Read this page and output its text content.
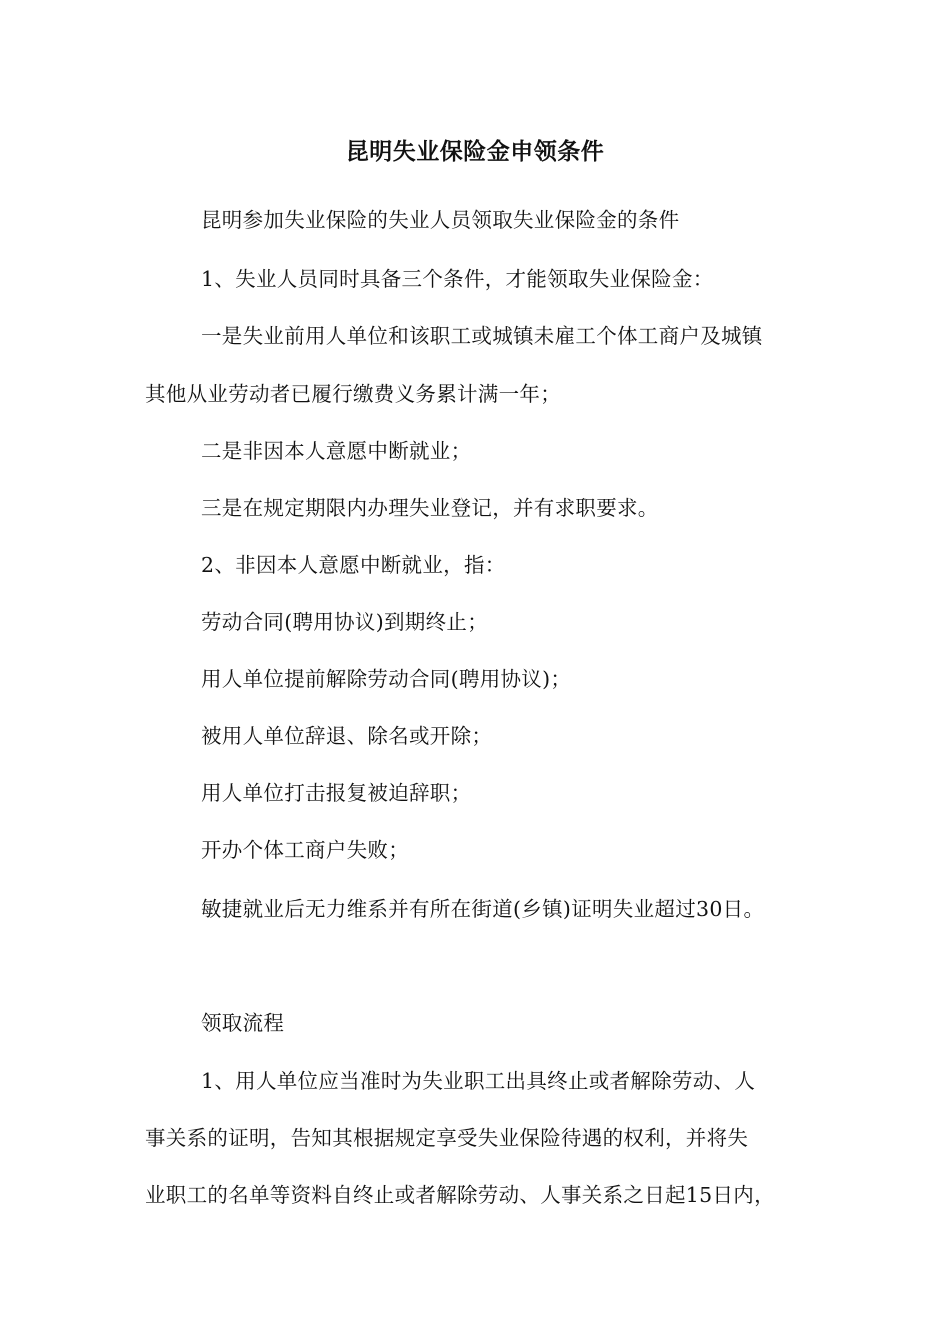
昆明失业保险金申领条件
昆明参加失业保险的失业人员领取失业保险金的条件
1、失业人员同时具备三个条件，才能领取失业保险金：
一是失业前用人单位和该职工或城镇未雇工个体工商户及城镇
其他从业劳动者已履行缴费义务累计满一年；
二是非因本人意愿中断就业；
三是在规定期限内办理失业登记，并有求职要求。
2、非因本人意愿中断就业，指：
劳动合同(聘用协议)到期终止；
用人单位提前解除劳动合同(聘用协议)；
被用人单位辞退、除名或开除；
用人单位打击报复被迫辞职；
开办个体工商户失败；
敏捷就业后无力维系并有所在街道(乡镇)证明失业超过30日。
领取流程
1、用人单位应当准时为失业职工出具终止或者解除劳动、人
事关系的证明，告知其根据规定享受失业保险待遇的权利，并将失
业职工的名单等资料自终止或者解除劳动、人事关系之日起15日内，
